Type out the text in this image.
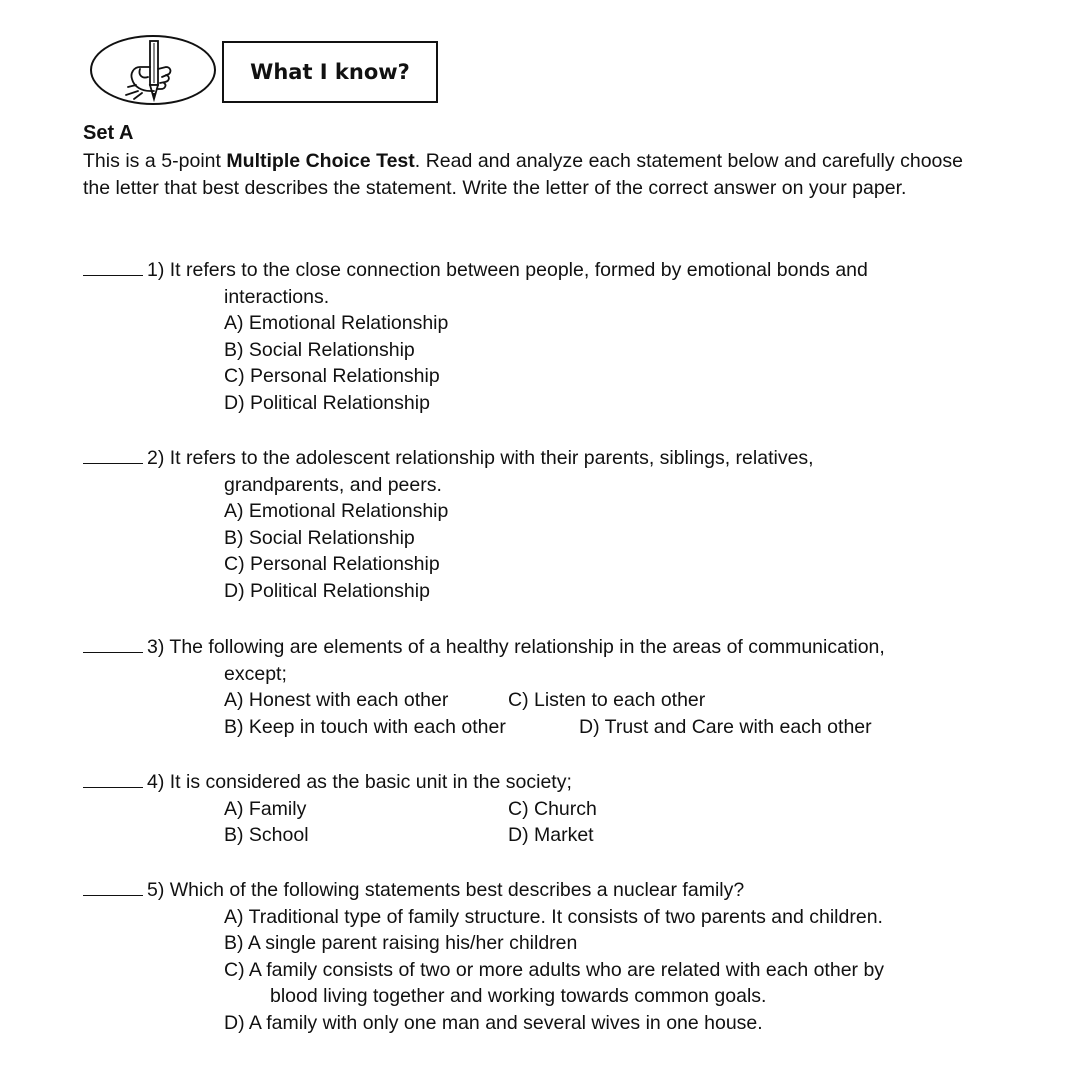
What I know?
Set A
This is a 5-point Multiple Choice Test. Read and analyze each statement below and carefully choose the letter that best describes the statement. Write the letter of the correct answer on your paper.
1) It refers to the close connection between people, formed by emotional bonds and
interactions.
A) Emotional Relationship
B) Social Relationship
C) Personal Relationship
D) Political Relationship
2) It refers to the adolescent relationship with their parents, siblings, relatives,
grandparents, and peers.
A) Emotional Relationship
B) Social Relationship
C) Personal Relationship
D) Political Relationship
3) The following are elements of a healthy relationship in the areas of communication,
except;
A) Honest with each other	C) Listen to each other
B) Keep in touch with each other	D) Trust and Care with each other
4) It is considered as the basic unit in the society;
A) Family	C) Church
B) School	D) Market
5) Which of the following statements best describes a nuclear family?
A) Traditional type of family structure. It consists of two parents and children.
B) A single parent raising his/her children
C) A family consists of two or more adults who are related with each other by
blood living together and working towards common goals.
D) A family with only one man and several wives in one house.
